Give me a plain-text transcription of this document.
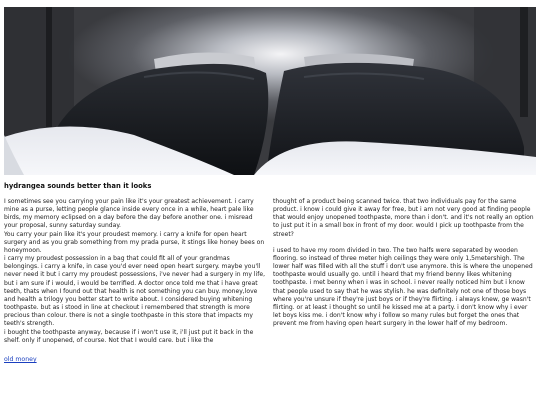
hydrangea sounds better than it looks

I sometimes see you carrying your pain like it's your greatest achievement. i carry mine as a purse, letting people glance inside every once in a while, heart pale like birds, my memory eclipsed on a day before the day before another one. i misread your proposal, sunny saturday sunday.

You carry your pain like it's your proudest memory. i carry a knife for open heart surgery and as you grab something from my prada purse, it stings like honey bees on honeymoon.

i carry my proudest possession in a bag that could fit all of your grandmas belongings. i carry a knife, in case you'd ever need open heart surgery. maybe you'll never need it but i carry my proudest possessions, i've never had a surgery in my life, but i am sure if i would, i would be terrified. A doctor once told me that i have great teeth, thats when I found out that health is not something you can buy. money,love and health a trilogy you better start to write about. I considered buying whitening toothpaste. but as i stood in line at checkout i remembered that strength is more precious than colour. there is not a single toothpaste in this store that impacts my teeth's strength.

i bought the toothpaste anyway, because if i won't use it, i'll just put it back in the shelf. only if unopened, of course. Not that I would care. but i like the

thought of a product being scanned twice. that two individuals pay for the same product. i know i could give it away for free, but i am not very good at finding people that would enjoy unopened toothpaste, more than i don't. and it's not really an option to just put it in a small box in front of my door. would I pick up toothpaste from the street?

i used to have my room divided in two. The two halfs were separated by wooden flooring. so instead of three meter high ceilings they were only 1,5metershigh. The lower half was filled with all the stuff i don't use anymore. this is where the unopened toothpaste would usually go. until i heard that my friend benny likes whitening toothpaste. i met benny when i was in school. i never really noticed him but i know that people used to say that he was stylish. he was definitely not one of those boys where you're unsure if they're just boys or if they're flirting. i always knew, ge wasn't flirting. or at least i thought so until he kissed me at a party. i don't know why i ever let boys kiss me. i don't know why i follow so many rules but forget the ones that prevent me from having open heart surgery in the lower half of my bedroom.

old money
